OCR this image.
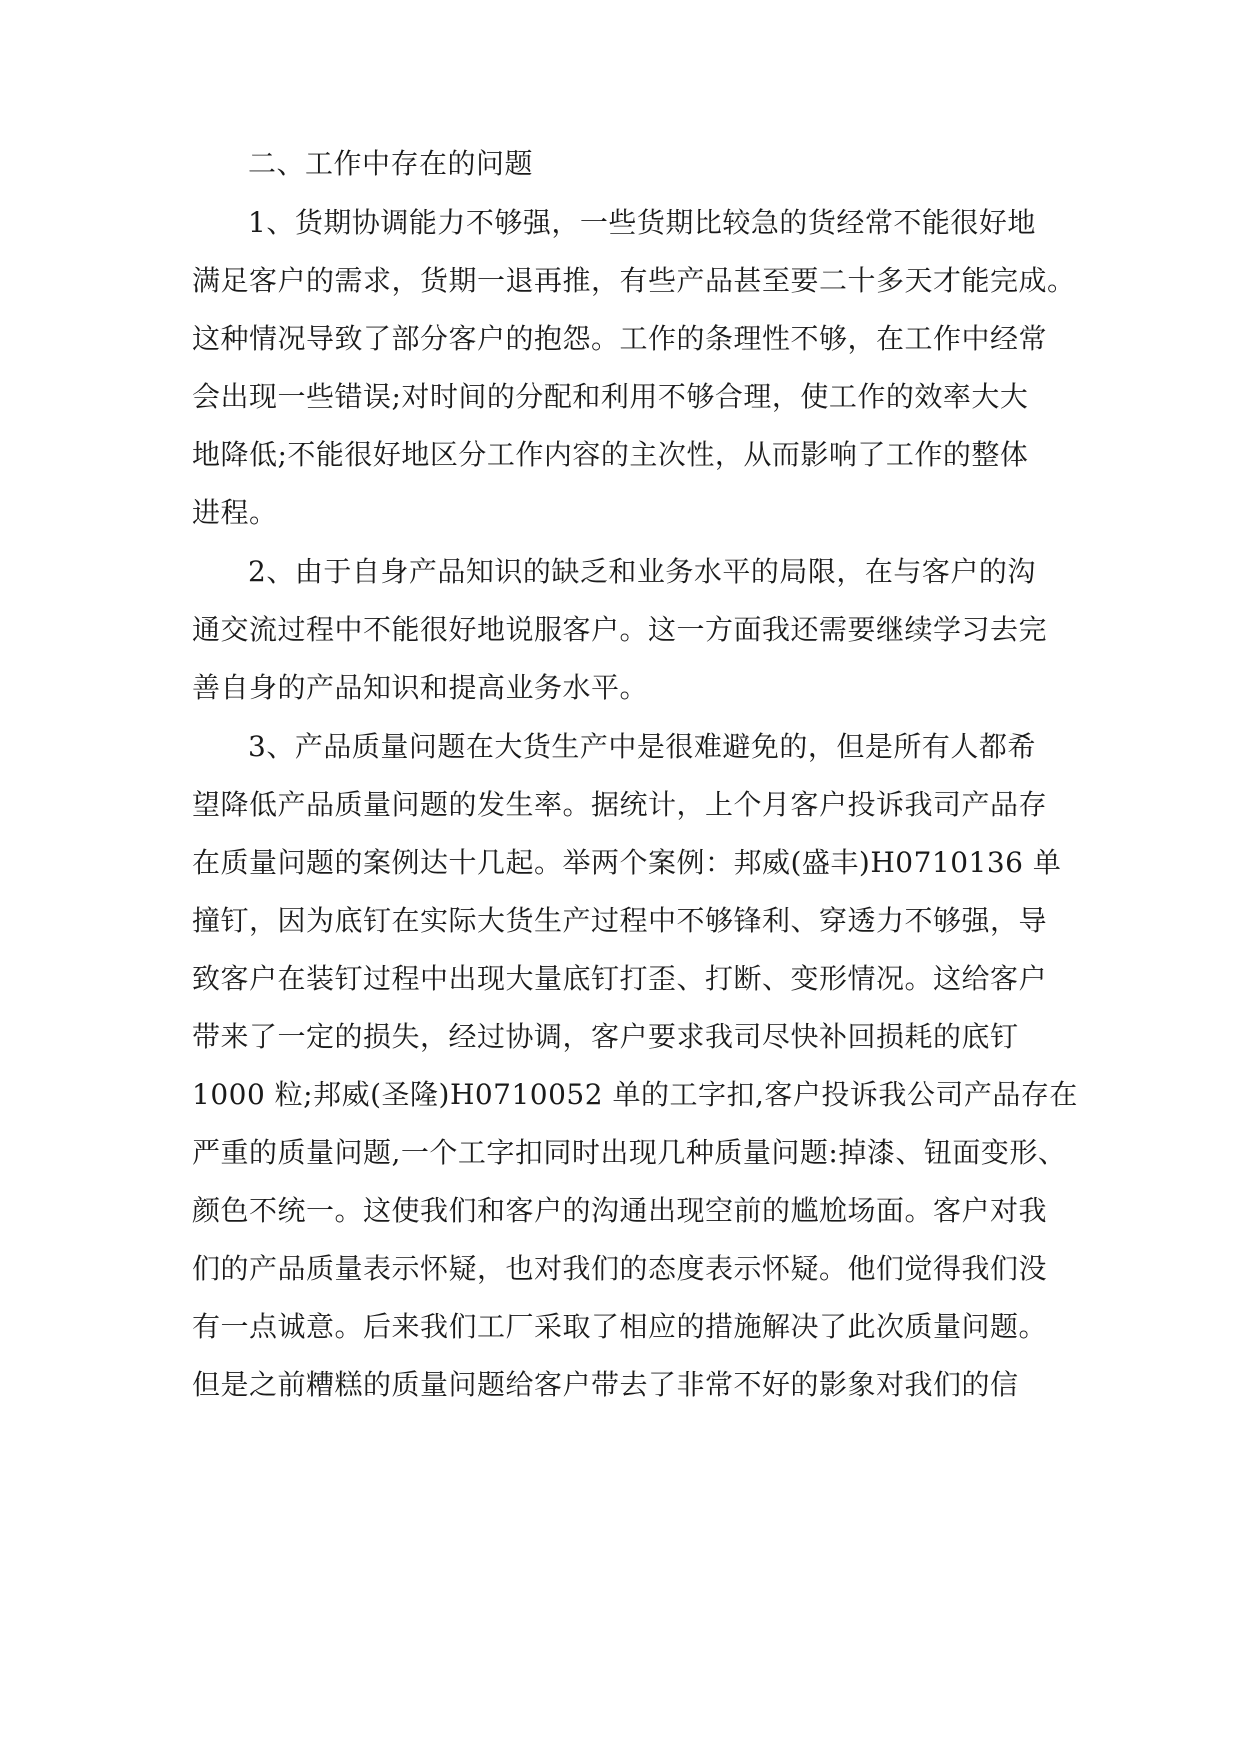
二、工作中存在的问题
1、货期协调能力不够强，一些货期比较急的货经常不能很好地
满足客户的需求，货期一退再推，有些产品甚至要二十多天才能完成。
这种情况导致了部分客户的抱怨。工作的条理性不够，在工作中经常
会出现一些错误;对时间的分配和利用不够合理，使工作的效率大大
地降低;不能很好地区分工作内容的主次性，从而影响了工作的整体
进程。
2、由于自身产品知识的缺乏和业务水平的局限，在与客户的沟
通交流过程中不能很好地说服客户。这一方面我还需要继续学习去完
善自身的产品知识和提高业务水平。
3、产品质量问题在大货生产中是很难避免的，但是所有人都希
望降低产品质量问题的发生率。据统计，上个月客户投诉我司产品存
在质量问题的案例达十几起。举两个案例：邦威(盛丰)H0710136 单
撞钉，因为底钉在实际大货生产过程中不够锋利、穿透力不够强，导
致客户在装钉过程中出现大量底钉打歪、打断、变形情况。这给客户
带来了一定的损失，经过协调，客户要求我司尽快补回损耗的底钉
1000 粒;邦威(圣隆)H0710052 单的工字扣,客户投诉我公司产品存在
严重的质量问题,一个工字扣同时出现几种质量问题:掉漆、钮面变形、
颜色不统一。这使我们和客户的沟通出现空前的尴尬场面。客户对我
们的产品质量表示怀疑，也对我们的态度表示怀疑。他们觉得我们没
有一点诚意。后来我们工厂采取了相应的措施解决了此次质量问题。
但是之前糟糕的质量问题给客户带去了非常不好的影象对我们的信
